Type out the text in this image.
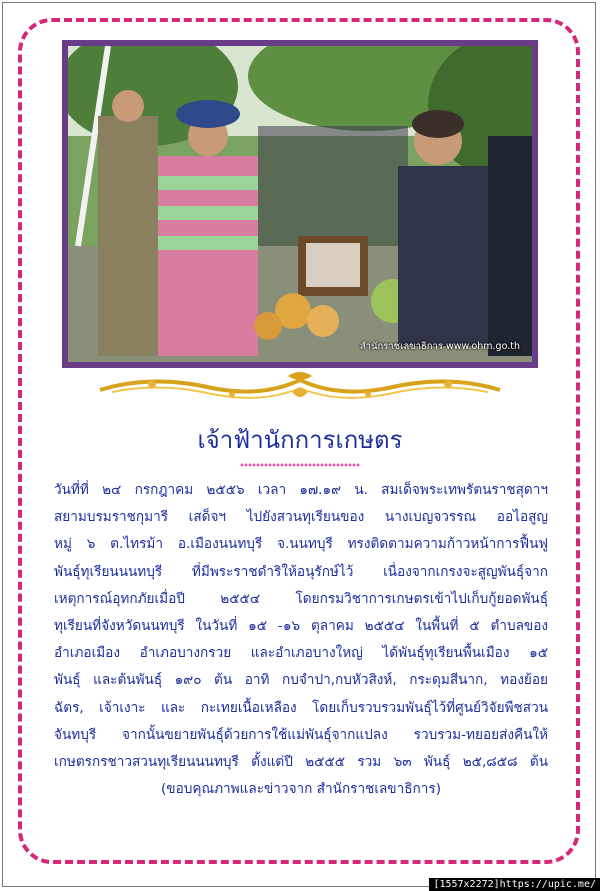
สำนักราชเลขาธิการ www.ohm.go.th
เจ้าฟ้านักการเกษตร
วันที่ที่ ๒๔ กรกฎาคม ๒๕๕๖ เวลา ๑๗.๑๙ น. สมเด็จพระเทพรัตนราชสุดาฯ
สยามบรมราชกุมารี เสด็จฯ ไปยังสวนทุเรียนของ นางเบญจวรรณ ออไอสูญ
หมู่ ๖ ต.ไทรม้า อ.เมืองนนทบุรี จ.นนทบุรี ทรงติดตามความก้าวหน้าการฟื้นฟู
พันธุ์ทุเรียนนนทบุรี ที่มีพระราชดำริให้อนุรักษ์ไว้ เนื่องจากเกรงจะสูญพันธุ์จาก
เหตุการณ์อุทกภัยเมื่อปี ๒๕๕๔ โดยกรมวิชาการเกษตรเข้าไปเก็บกู้ยอดพันธุ์
ทุเรียนที่จังหวัดนนทบุรี ในวันที่ ๑๕ -๑๖ ตุลาคม ๒๕๕๔ ในพื้นที่ ๕ ตำบลของ
อำเภอเมือง อำเภอบางกรวย และอำเภอบางใหญ่ ได้พันธุ์ทุเรียนพื้นเมือง ๑๕
พันธุ์ และต้นพันธุ์ ๑๙๐ ต้น อาทิ กบจำปา,กบหัวสิงห์, กระดุมสีนาก, ทองย้อย
ฉัตร, เจ้าเงาะ และ กะเทยเนื้อเหลือง โดยเก็บรวบรวมพันธุ์ไว้ที่ศูนย์วิจัยพืชสวน
จันทบุรี จากนั้นขยายพันธุ์ด้วยการใช้แม่พันธุ์จากแปลง รวบรวม-ทยอยส่งคืนให้
เกษตรกรชาวสวนทุเรียนนนทบุรี ตั้งแต่ปี ๒๕๕๕ รวม ๖๓ พันธุ์ ๒๕,๘๕๘ ต้น
(ขอบคุณภาพและข่าวจาก สำนักราชเลขาธิการ)
[1557x2272]https://upic.me/
